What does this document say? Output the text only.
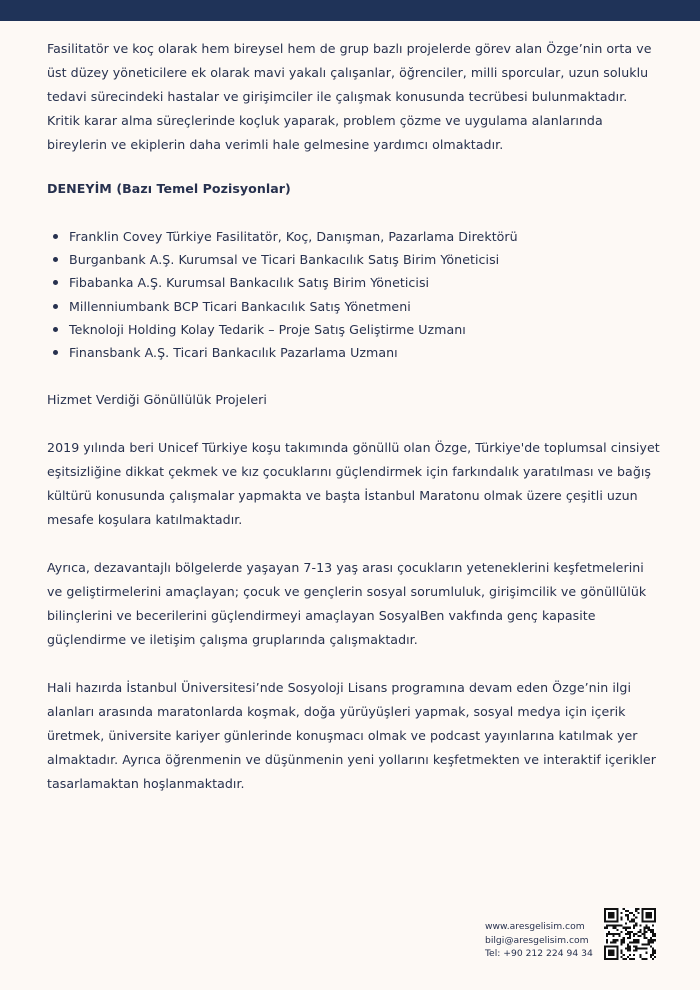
Fasilitatör ve koç olarak hem bireysel hem de grup bazlı projelerde görev alan Özge’nin orta ve üst düzey yöneticilere ek olarak mavi yakalı çalışanlar, öğrenciler, milli sporcular, uzun soluklu tedavi sürecindeki hastalar ve girişimciler ile çalışmak konusunda tecrübesi bulunmaktadır. Kritik karar alma süreçlerinde koçluk yaparak, problem çözme ve uygulama alanlarında bireylerin ve ekiplerin daha verimli hale gelmesine yardımcı olmaktadır.

DENEYİM (Bazı Temel Pozisyonlar)

Franklin Covey Türkiye Fasilitatör, Koç, Danışman, Pazarlama Direktörü
Burganbank A.Ş. Kurumsal ve Ticari Bankacılık Satış Birim Yöneticisi
Fibabanka A.Ş. Kurumsal Bankacılık Satış Birim Yöneticisi
Millenniumbank BCP Ticari Bankacılık Satış Yönetmeni
Teknoloji Holding Kolay Tedarik – Proje Satış Geliştirme Uzmanı
Finansbank A.Ş. Ticari Bankacılık Pazarlama Uzmanı

Hizmet Verdiği Gönüllülük Projeleri

2019 yılında beri Unicef Türkiye koşu takımında gönüllü olan Özge, Türkiye'de toplumsal cinsiyet eşitsizliğine dikkat çekmek ve kız çocuklarını güçlendirmek için farkındalık yaratılması ve bağış kültürü konusunda çalışmalar yapmakta ve başta İstanbul Maratonu olmak üzere çeşitli uzun mesafe koşulara katılmaktadır.

Ayrıca, dezavantajlı bölgelerde yaşayan 7-13 yaş arası çocukların yeteneklerini keşfetmelerini ve geliştirmelerini amaçlayan; çocuk ve gençlerin sosyal sorumluluk, girişimcilik ve gönüllülük bilinçlerini ve becerilerini güçlendirmeyi amaçlayan SosyalBen vakfında genç kapasite güçlendirme ve iletişim çalışma gruplarında çalışmaktadır.

Hali hazırda İstanbul Üniversitesi’nde Sosyoloji Lisans programına devam eden Özge’nin ilgi alanları arasında maratonlarda koşmak, doğa yürüyüşleri yapmak, sosyal medya için içerik üretmek, üniversite kariyer günlerinde konuşmacı olmak ve podcast yayınlarına katılmak yer almaktadır. Ayrıca öğrenmenin ve düşünmenin yeni yollarını keşfetmekten ve interaktif içerikler tasarlamaktan hoşlanmaktadır.

www.aresgelisim.com
bilgi@aresgelisim.com
Tel: +90 212 224 94 34
